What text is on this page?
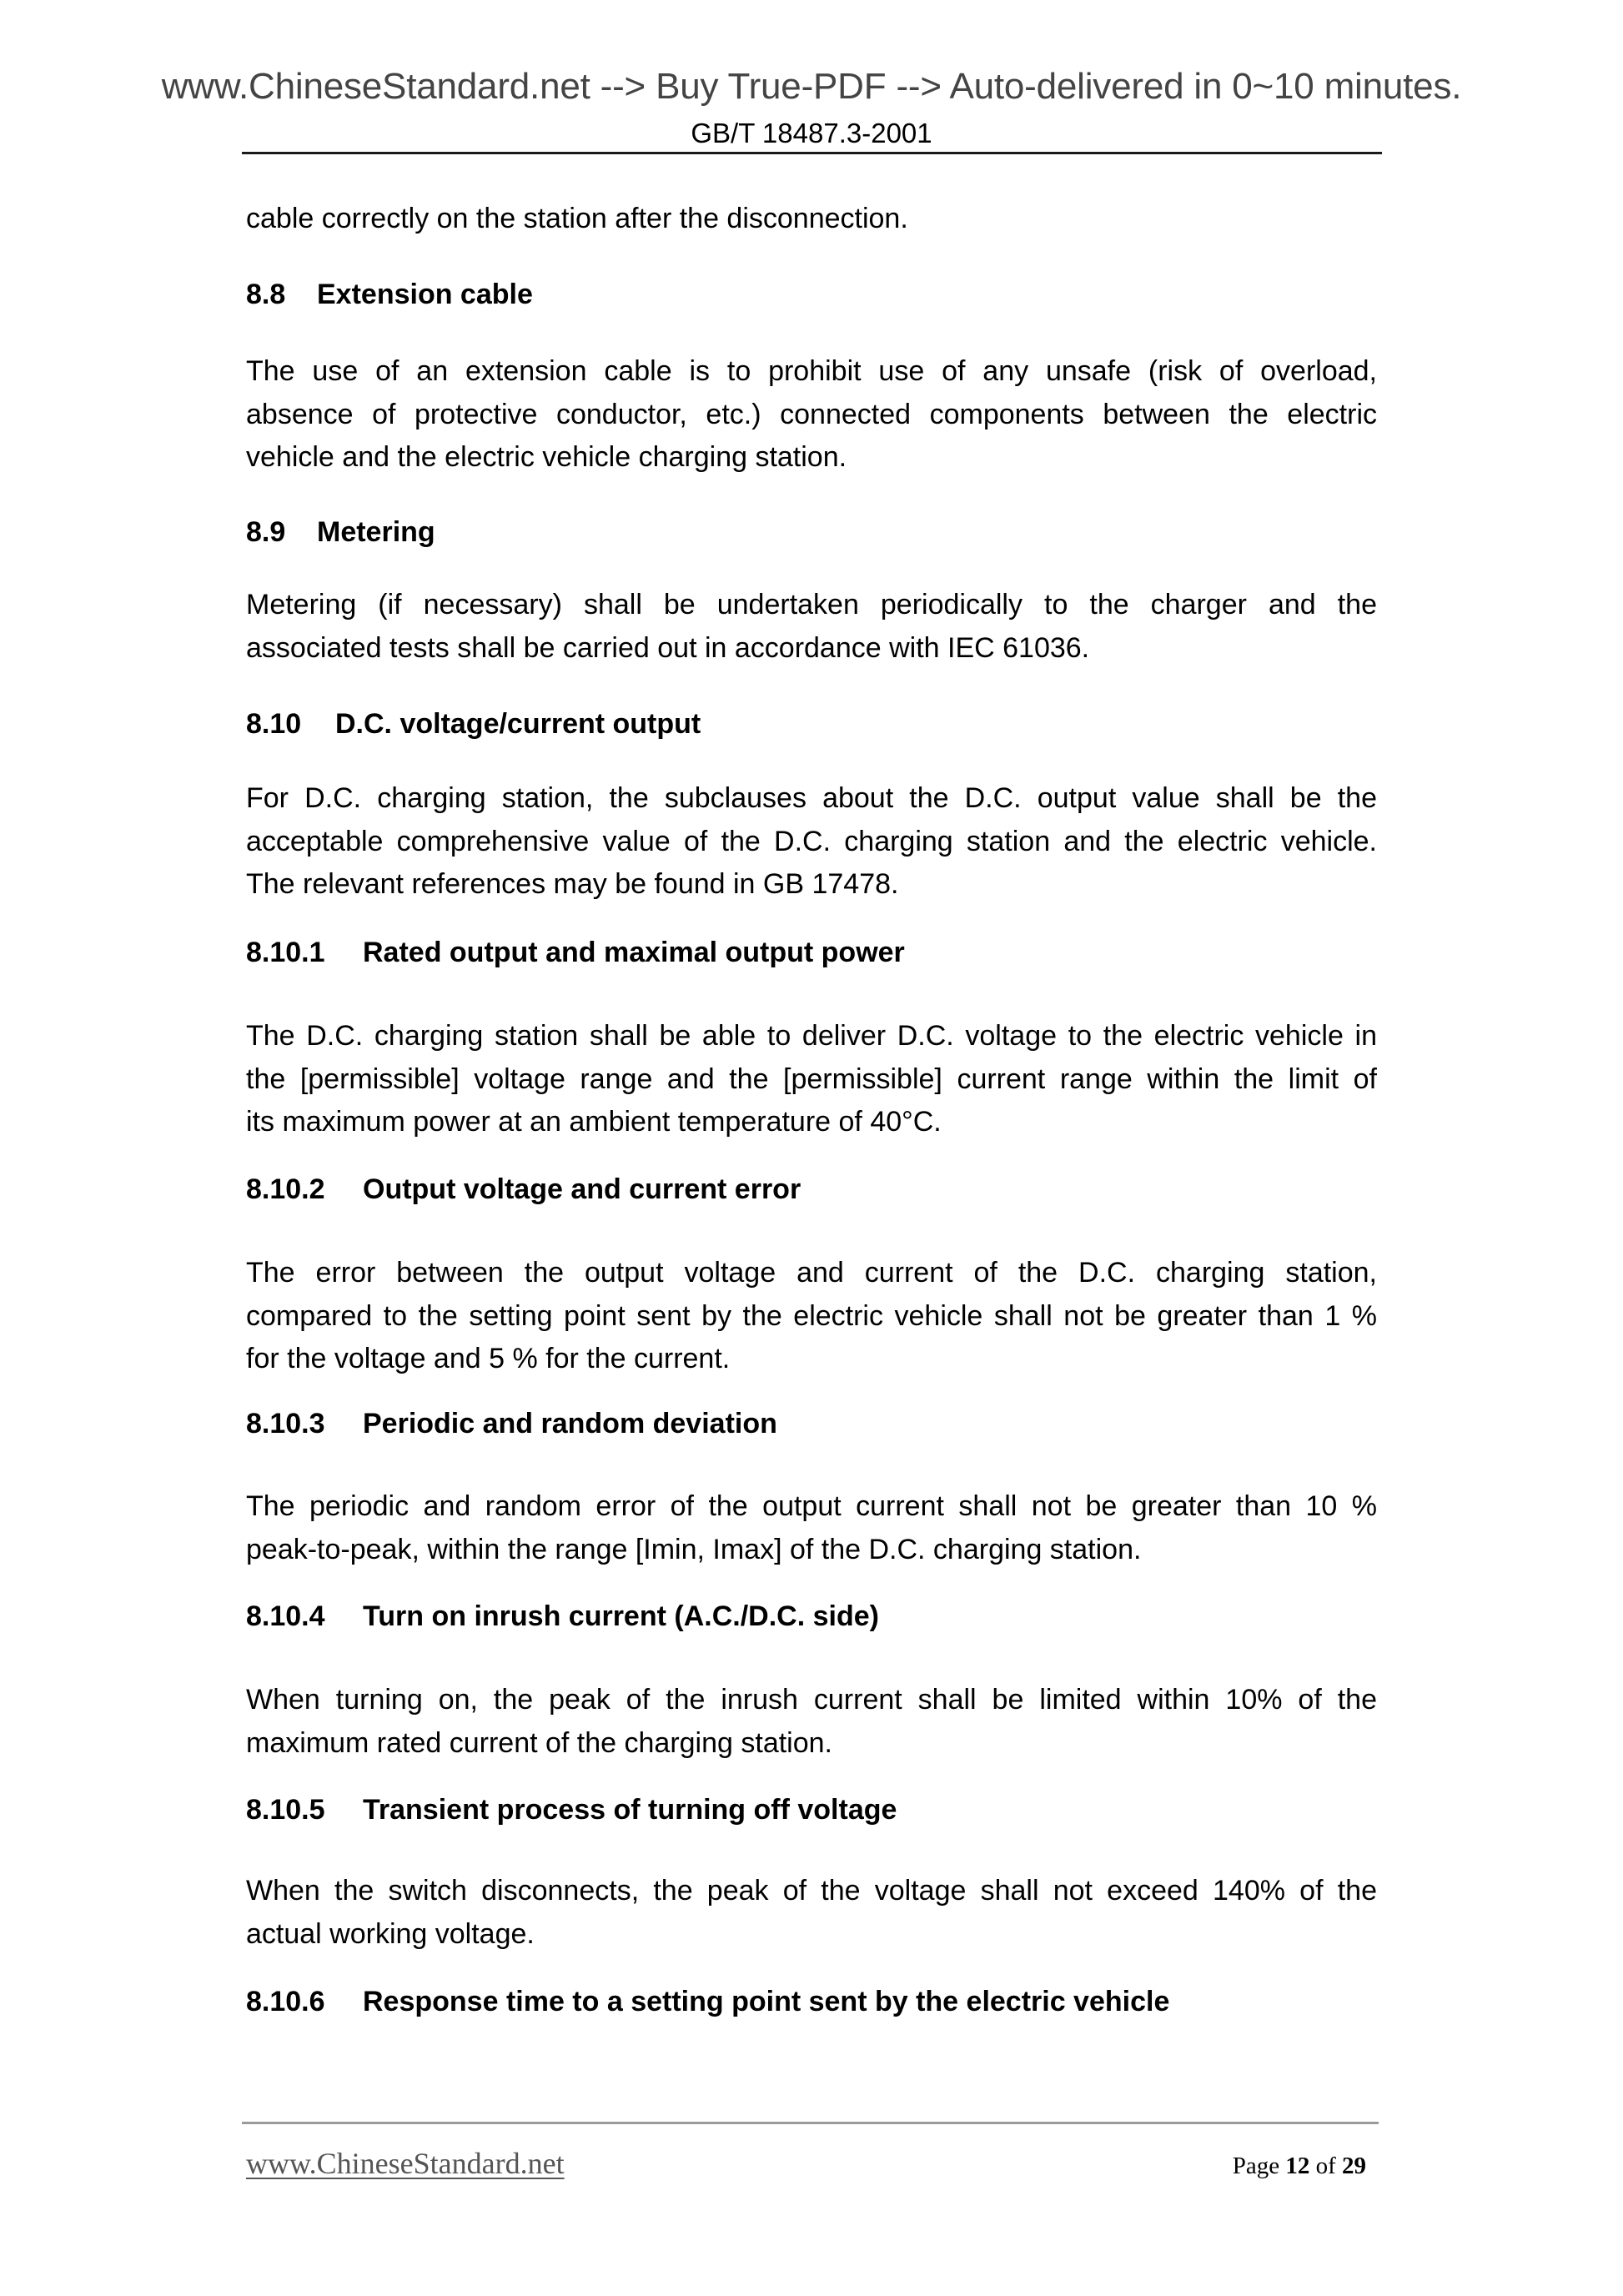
www.ChineseStandard.net --> Buy True-PDF --> Auto-delivered in 0~10 minutes.
GB/T 18487.3-2001
cable correctly on the station after the disconnection.
8.8 Extension cable
The use of an extension cable is to prohibit use of any unsafe (risk of overload,
absence of protective conductor, etc.) connected components between the electric
vehicle and the electric vehicle charging station.
8.9 Metering
Metering (if necessary) shall be undertaken periodically to the charger and the
associated tests shall be carried out in accordance with IEC 61036.
8.10 D.C. voltage/current output
For D.C. charging station, the subclauses about the D.C. output value shall be the
acceptable comprehensive value of the D.C. charging station and the electric vehicle.
The relevant references may be found in GB 17478.
8.10.1 Rated output and maximal output power
The D.C. charging station shall be able to deliver D.C. voltage to the electric vehicle in
the [permissible] voltage range and the [permissible] current range within the limit of
its maximum power at an ambient temperature of 40°C.
8.10.2 Output voltage and current error
The error between the output voltage and current of the D.C. charging station,
compared to the setting point sent by the electric vehicle shall not be greater than 1 %
for the voltage and 5 % for the current.
8.10.3 Periodic and random deviation
The periodic and random error of the output current shall not be greater than 10 %
peak-to-peak, within the range [Imin, Imax] of the D.C. charging station.
8.10.4 Turn on inrush current (A.C./D.C. side)
When turning on, the peak of the inrush current shall be limited within 10% of the
maximum rated current of the charging station.
8.10.5 Transient process of turning off voltage
When the switch disconnects, the peak of the voltage shall not exceed 140% of the
actual working voltage.
8.10.6 Response time to a setting point sent by the electric vehicle
www.ChineseStandard.net	Page 12 of 29
